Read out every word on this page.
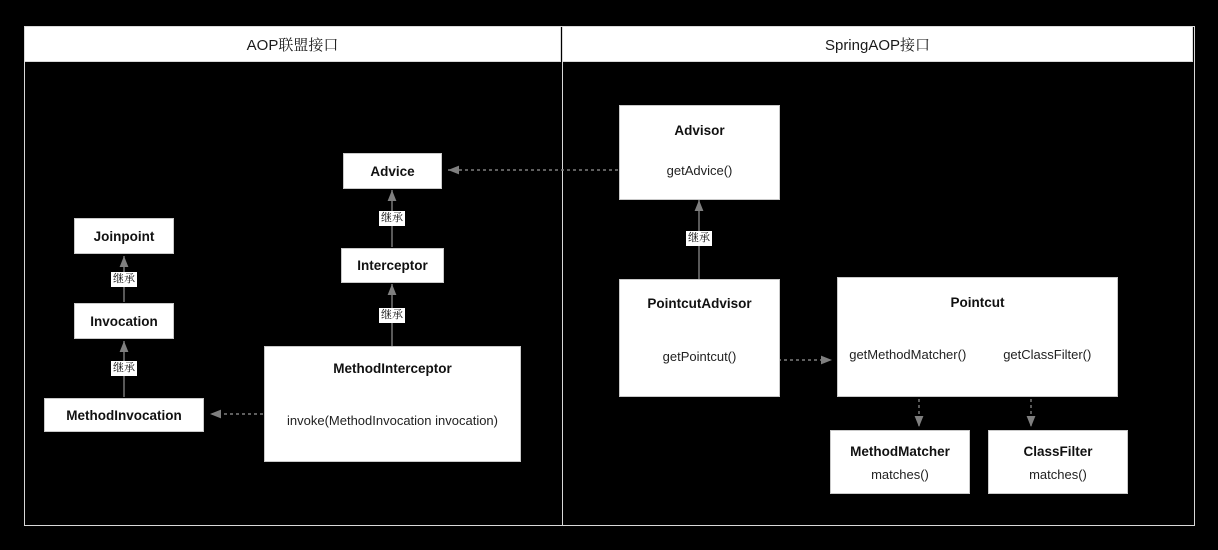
AOP联盟接口	SpringAOP接口
Joinpoint
Invocation
MethodInvocation
Advice
Interceptor
MethodInterceptor
invoke(MethodInvocation invocation)
Advisor
getAdvice()
PointcutAdvisor
getPointcut()
Pointcut
getMethodMatcher()	getClassFilter()
MethodMatcher
matches()
ClassFilter
matches()
继承
继承
继承
继承
继承
